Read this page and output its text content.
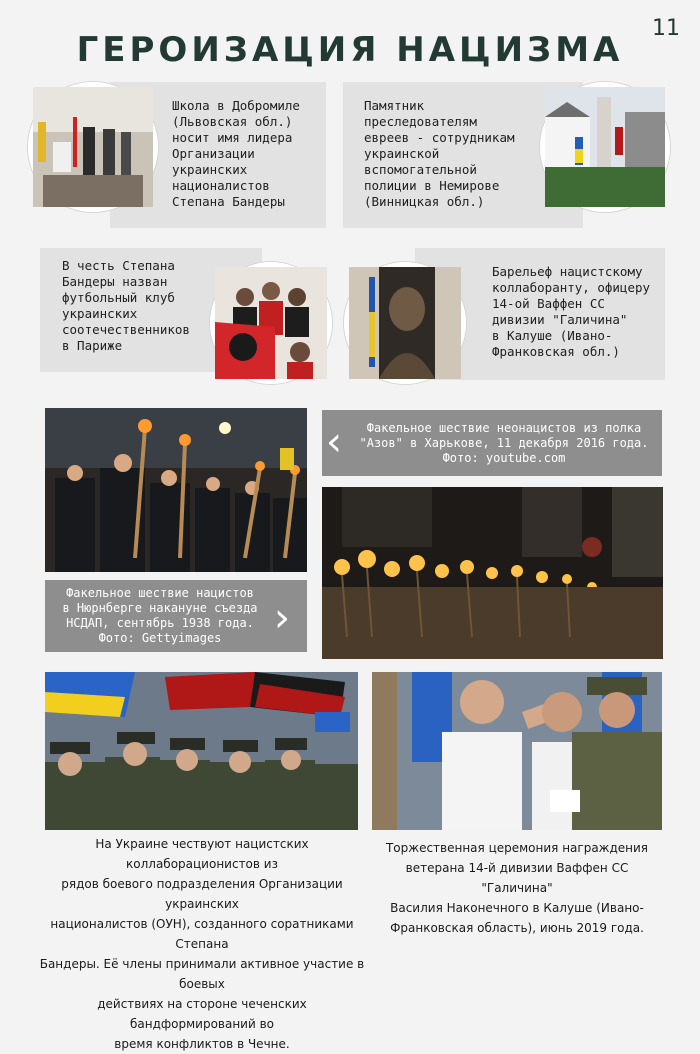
11
ГЕРОИЗАЦИЯ НАЦИЗМА
Школа в Добромиле
(Львовская обл.)
носит имя лидера
Организации
украинских
националистов
Степана Бандеры
Памятник
преследователям
евреев - сотрудникам
украинской
вспомогательной
полиции в Немирове
(Винницкая обл.)
В честь Степана
Бандеры назван
футбольный клуб
украинских
соотечественников
в Париже
Барельеф нацистскому
коллаборанту, офицеру
14-ой Ваффен СС
дивизии "Галичина"
в Калуше (Ивано-
Франковская обл.)
Факельное шествие неонацистов из полка
"Азов" в Харькове, 11 декабря 2016 года.
Фото: youtube.com
‹
Факельное шествие нацистов
в Нюрнберге накануне съезда
НСДАП, сентябрь 1938 года.
Фото: Gettyimages	›
На Украине чествуют нацистских коллаборационистов из
рядов боевого подразделения Организации украинских
националистов (ОУН), созданного соратниками Степана
Бандеры. Её члены принимали активное участие в боевых
действиях на стороне чеченских бандформирований во
время конфликтов в Чечне.
Торжественная церемония награждения
ветерана 14-й дивизии Ваффен СС "Галичина"
Василия Наконечного в Калуше (Ивано-
Франковская область), июнь 2019 года.
